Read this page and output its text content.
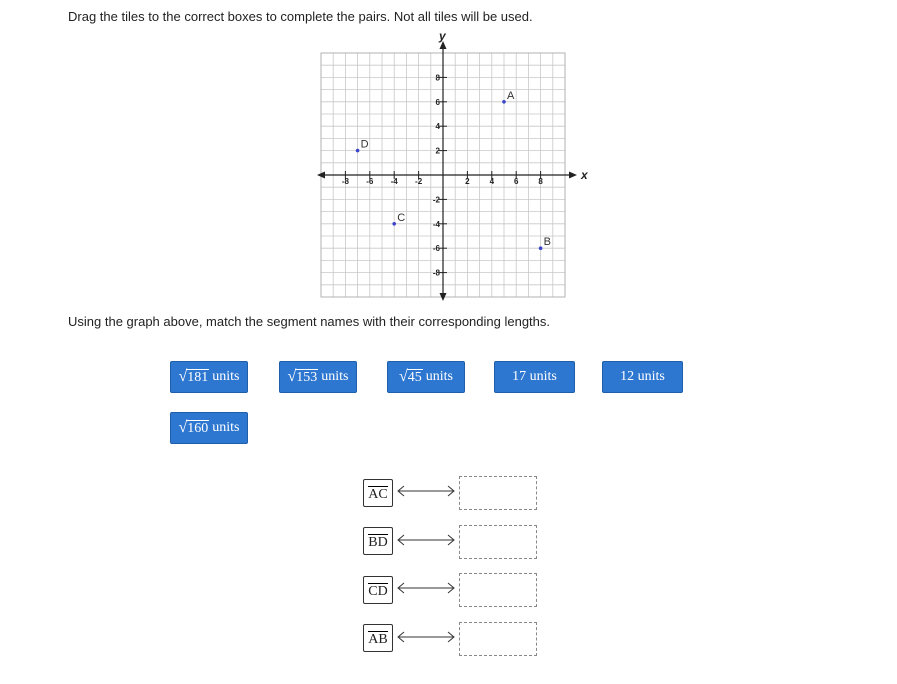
Drag the tiles to the correct boxes to complete the pairs. Not all tiles will be used.
x
y
-8 -6 -4 -2	2 4 6 8
8
6
4
2
-2
-4
-6
-8
A
B
C
D
Using the graph above, match the segment names with their corresponding lengths.
√ 181 units	√ 153 units	√ 45 units	17 units	12 units
√ 160 units
AC
BD
CD
AB
